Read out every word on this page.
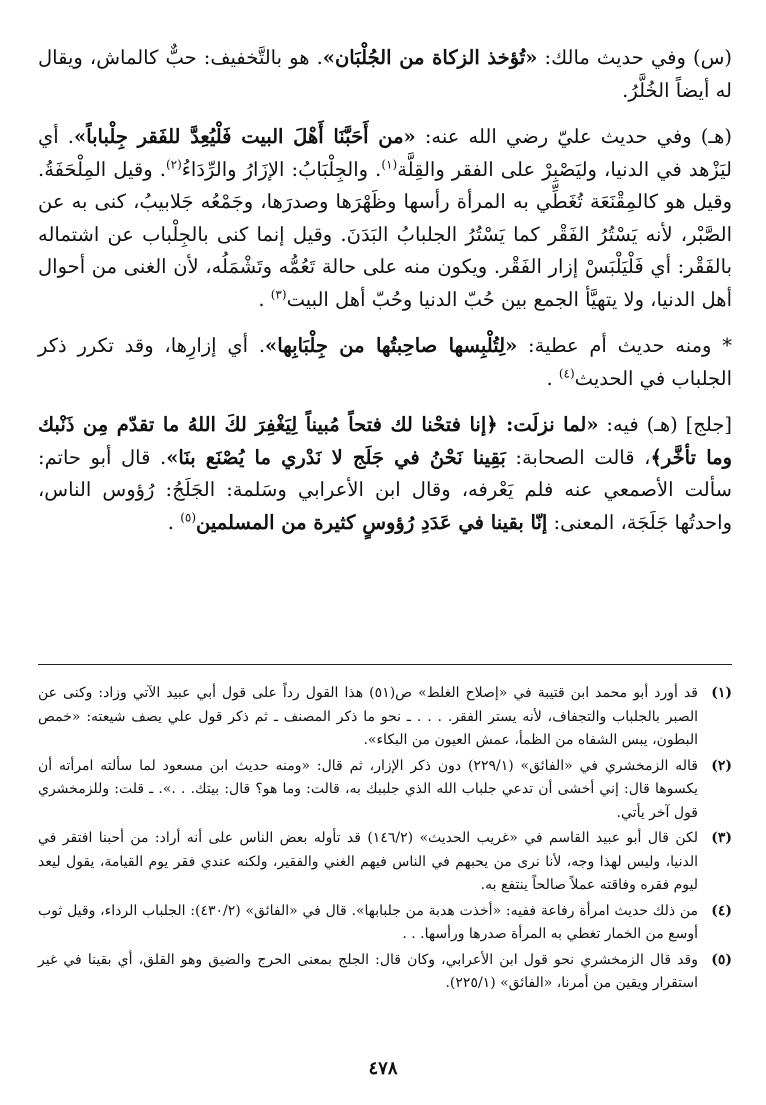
(س) وفي حديث مالك: «تُؤخذ الزكاة من الجُلْبَان». هو بالتَّخفيف: حبٌّ كالماش، ويقال له أيضاً الخُلَّرُ.

(هـ) وفي حديث عليّ رضي الله عنه: «من أَحَبَّنَا أَهْلَ البيت فَلْيُعِدَّ للفَقر جِلْباباً». أي ليَزْهد في الدنيا، وليَصْبِرْ على الفقر والقِلَّة$^{(١)}$. والجِلْبَابُ: الإزَارُ والرِّدَاءُ$^{(٢)}$. وقيل المِلْحَفَةُ. وقيل هو كالمِقْنَعَة تُغَطِّي به المرأة رأسها وظَهْرَها وصدرَها، وجَمْعُه جَلابيبُ، كنى به عن الصَّبْر، لأنه يَسْتُرُ الفَقْر كما يَسْتُرُ الجلبابُ البَدَنَ. وقيل إنما كنى بالجِلْباب عن اشتماله بالفَقْر: أي فَلْيَلْبَسْ إزار الفَقْر. ويكون منه على حالة تَعُمُّه وتَشْمَلُه، لأن الغنى من أحوال أهل الدنيا، ولا يتهيَّأ الجمع بين حُبّ الدنيا وحُبّ أهل البيت$^{(٣)}$ .

* ومنه حديث أم عطية: «لِتُلْبِسها صاحِبتُها من جِلْبَابِها». أي إزارِها، وقد تكرر ذكر الجلباب في الحديث$^{(٤)}$ .

[جلج] (هـ) فيه: «لما نزلَت: ﴿إنا فتحْنا لك فتحاً مُبيناً لِيَغْفِرَ لكَ اللهُ ما تقدّم مِن ذَنْبك وما تأخَّر﴾، قالت الصحابة: بَقِينا نَحْنُ في جَلَج لا نَدْري ما يُصْنَع بنَا». قال أبو حاتم: سألت الأصمعي عنه فلم يَعْرفه، وقال ابن الأعرابي وسَلمة: الجَلَجُ: رُؤوس الناس، واحدتُها جَلَجَة، المعنى: إنّا بقينا في عَدَدِ رُؤوسٍ كثيرة من المسلمين$^{(٥)}$ .

(١)
قد أورد أبو محمد ابن قتيبة في «إصلاح الغلط» ص(٥١) هذا القول رداً على قول أبي عبيد الآتي وزاد: وكنى عن الصبر بالجلباب والتجفاف، لأنه يستر الفقر. . . . ـ نحو ما ذكر المصنف ـ ثم ذكر قول علي يصف شيعته: «خمص البطون، يبس الشفاه من الظمأ، عمش العيون من البكاء».
(٢)
قاله الزمخشري في «الفائق» (٢٢٩/١) دون ذكر الإزار، ثم قال: «ومنه حديث ابن مسعود لما سألته امرأته أن يكسوها قال: إني أخشى أن تدعي جلباب الله الذي جلببك به، قالت: وما هو؟ قال: بيتك. . .». ـ قلت: وللزمخشري قول آخر يأتي.
(٣)
لكن قال أبو عبيد القاسم في «غريب الحديث» (١٤٦/٢) قد تأوله بعض الناس على أنه أراد: من أحبنا افتقر في الدنيا، وليس لهذا وجه، لأنا نرى من يحبهم في الناس فيهم الغني والفقير، ولكنه عندي فقر يوم القيامة، يقول ليعد ليوم فقره وفاقته عملاً صالحاً ينتفع به.
(٤)
من ذلك حديث امرأة رفاعة ففيه: «أخذت هدبة من جلبابها». قال في «الفائق» (٤٣٠/٢): الجلباب الرداء، وقيل ثوب أوسع من الخمار تغطي به المرأة صدرها ورأسها. . .
(٥)
وقد قال الزمخشري نحو قول ابن الأعرابي، وكان قال: الجلج بمعنى الحرج والضيق وهو القلق، أي بقينا في غير استقرار ويقين من أمرنا، «الفائق» (٢٢٥/١).
٤٧٨
